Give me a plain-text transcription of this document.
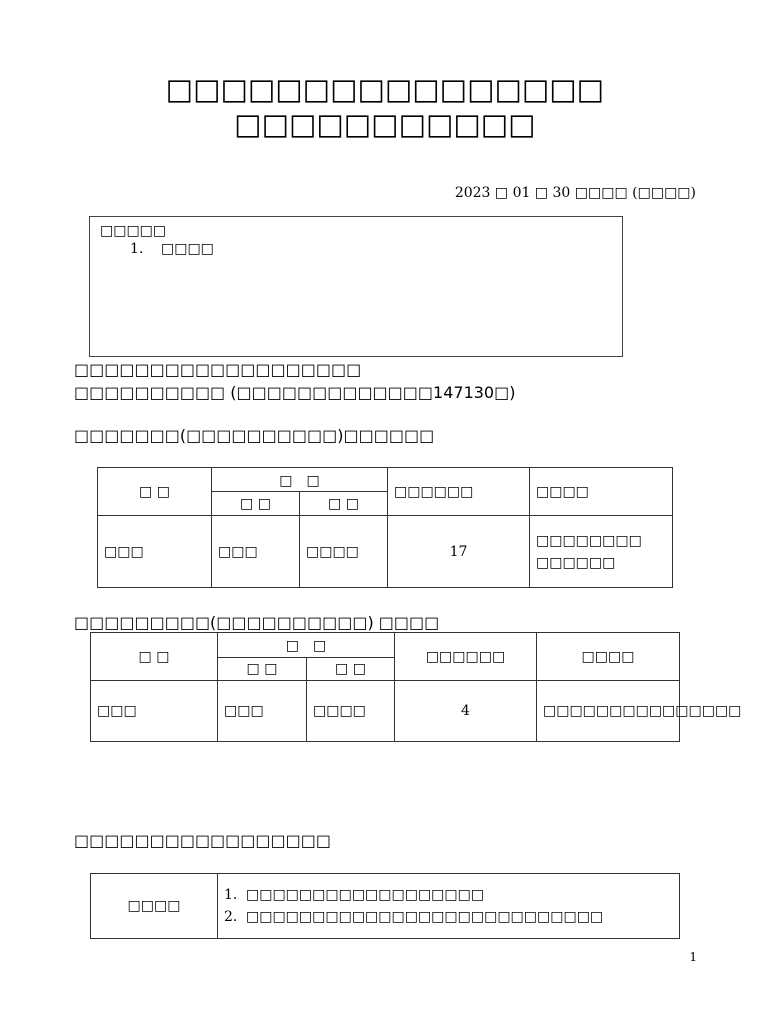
□□□□□□□□□□□□□□□□
□□□□□□□□□□□
2023 □ 01 □ 30 □□□□ (□□□□)
□□□□□
1. □□□□
□□□□□□□□□□□□□□□□□□□
□□□□□□□□□□ (□□□□□□□□□□□□□147130□)
□□□□□□□(□□□□□□□□□□)□□□□□□
□ □	□　□		□□□□□□	□□□□
	□ □	□ □		
□□□	□□□	□□□□	17	□□□□□□□□
□□□□□□
□□□□□□□□□(□□□□□□□□□□) □□□□
□ □	□　□		□□□□□□	□□□□
	□ □	□ □		
□□□	□□□	□□□□	4	□□□□□□□□□□□□□□□
□□□□□□□□□□□□□□□□□
□□□□	
1. □□□□□□□□□□□□□□□□□□
2. □□□□□□□□□□□□□□□□□□□□□□□□□□□
1
